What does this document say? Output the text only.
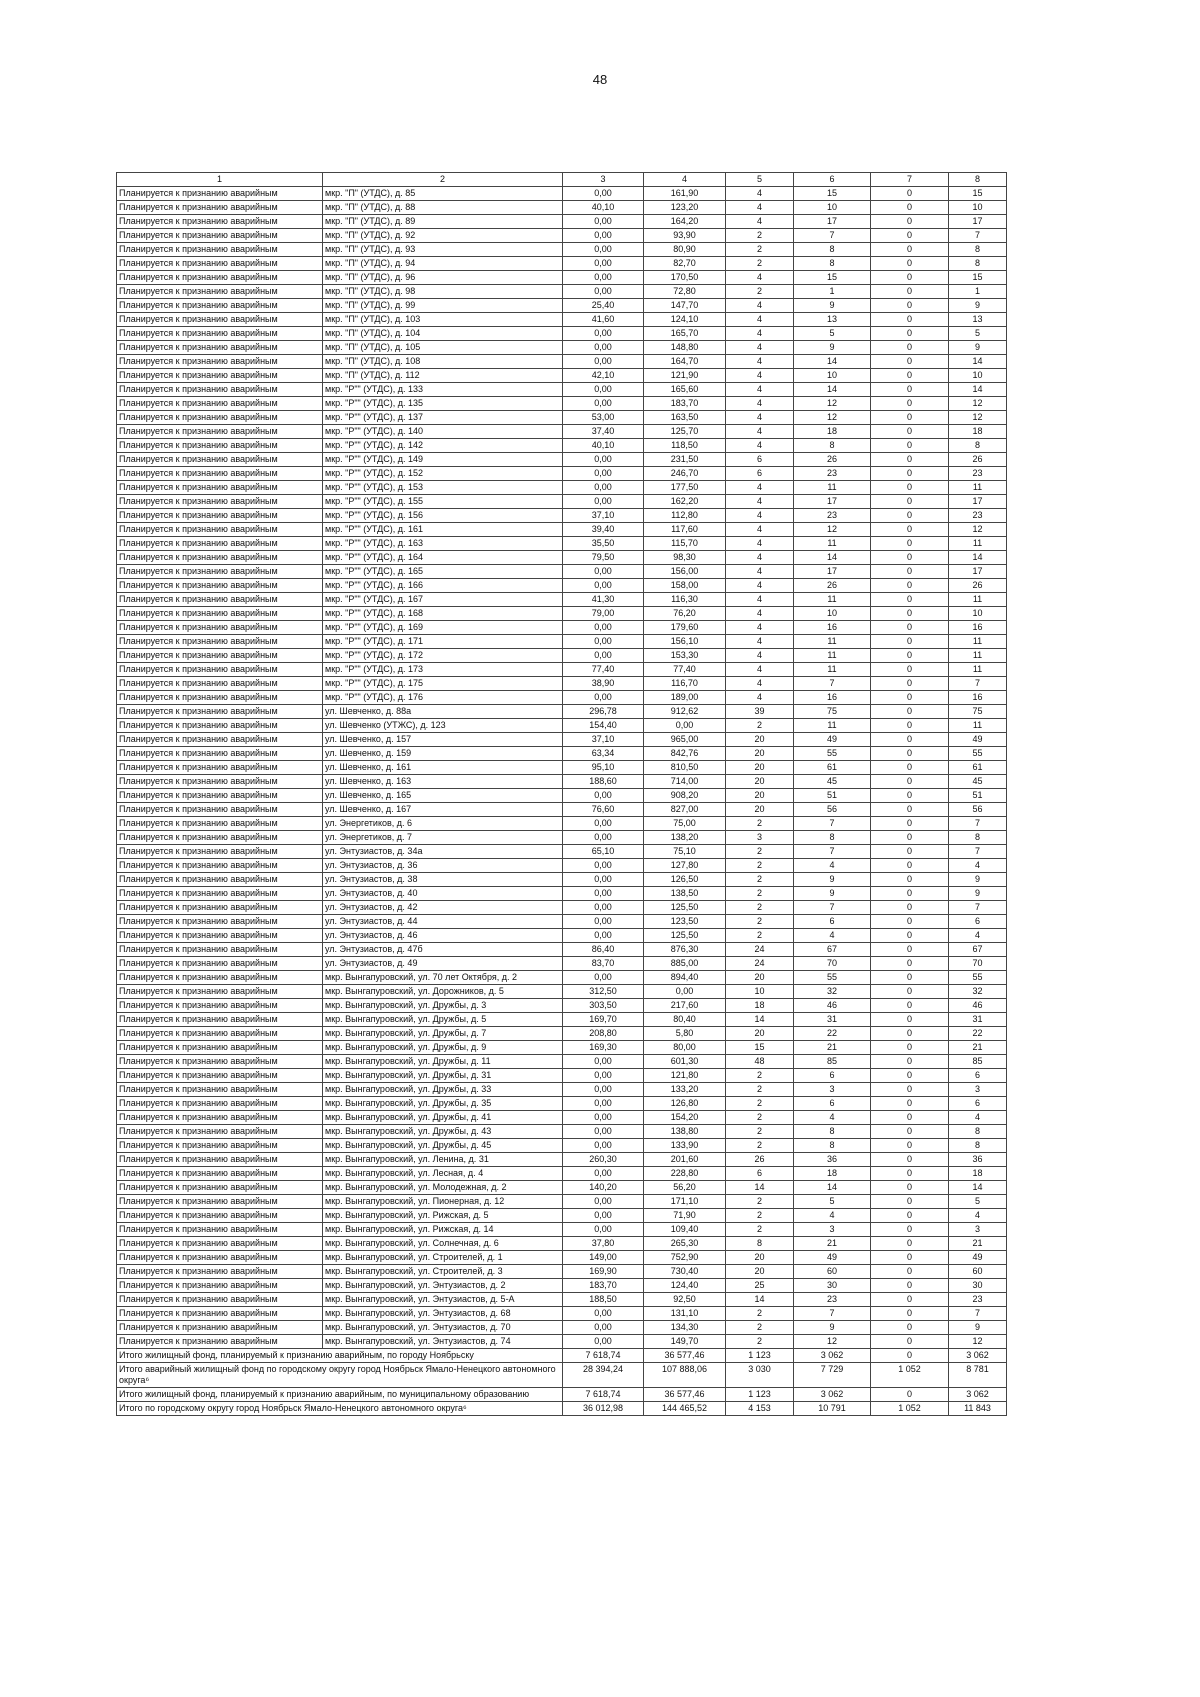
48
1	2	3	4	5	6	7	8
Планируется к признанию аварийным	мкр. "П" (УТДС), д. 85	0,00	161,90	4	15	0	15
Планируется к признанию аварийным	мкр. "П" (УТДС), д. 88	40,10	123,20	4	10	0	10
Планируется к признанию аварийным	мкр. "П" (УТДС), д. 89	0,00	164,20	4	17	0	17
Планируется к признанию аварийным	мкр. "П" (УТДС), д. 92	0,00	93,90	2	7	0	7
Планируется к признанию аварийным	мкр. "П" (УТДС), д. 93	0,00	80,90	2	8	0	8
Планируется к признанию аварийным	мкр. "П" (УТДС), д. 94	0,00	82,70	2	8	0	8
Планируется к признанию аварийным	мкр. "П" (УТДС), д. 96	0,00	170,50	4	15	0	15
Планируется к признанию аварийным	мкр. "П" (УТДС), д. 98	0,00	72,80	2	1	0	1
Планируется к признанию аварийным	мкр. "П" (УТДС), д. 99	25,40	147,70	4	9	0	9
Планируется к признанию аварийным	мкр. "П" (УТДС), д. 103	41,60	124,10	4	13	0	13
Планируется к признанию аварийным	мкр. "П" (УТДС), д. 104	0,00	165,70	4	5	0	5
Планируется к признанию аварийным	мкр. "П" (УТДС), д. 105	0,00	148,80	4	9	0	9
Планируется к признанию аварийным	мкр. "П" (УТДС), д. 108	0,00	164,70	4	14	0	14
Планируется к признанию аварийным	мкр. "П" (УТДС), д. 112	42,10	121,90	4	10	0	10
Планируется к признанию аварийным	мкр. "Р"" (УТДС), д. 133	0,00	165,60	4	14	0	14
Планируется к признанию аварийным	мкр. "Р"" (УТДС), д. 135	0,00	183,70	4	12	0	12
Планируется к признанию аварийным	мкр. "Р"" (УТДС), д. 137	53,00	163,50	4	12	0	12
Планируется к признанию аварийным	мкр. "Р"" (УТДС), д. 140	37,40	125,70	4	18	0	18
Планируется к признанию аварийным	мкр. "Р"" (УТДС), д. 142	40,10	118,50	4	8	0	8
Планируется к признанию аварийным	мкр. "Р"" (УТДС), д. 149	0,00	231,50	6	26	0	26
Планируется к признанию аварийным	мкр. "Р"" (УТДС), д. 152	0,00	246,70	6	23	0	23
Планируется к признанию аварийным	мкр. "Р"" (УТДС), д. 153	0,00	177,50	4	11	0	11
Планируется к признанию аварийным	мкр. "Р"" (УТДС), д. 155	0,00	162,20	4	17	0	17
Планируется к признанию аварийным	мкр. "Р"" (УТДС), д. 156	37,10	112,80	4	23	0	23
Планируется к признанию аварийным	мкр. "Р"" (УТДС), д. 161	39,40	117,60	4	12	0	12
Планируется к признанию аварийным	мкр. "Р"" (УТДС), д. 163	35,50	115,70	4	11	0	11
Планируется к признанию аварийным	мкр. "Р"" (УТДС), д. 164	79,50	98,30	4	14	0	14
Планируется к признанию аварийным	мкр. "Р"" (УТДС), д. 165	0,00	156,00	4	17	0	17
Планируется к признанию аварийным	мкр. "Р"" (УТДС), д. 166	0,00	158,00	4	26	0	26
Планируется к признанию аварийным	мкр. "Р"" (УТДС), д. 167	41,30	116,30	4	11	0	11
Планируется к признанию аварийным	мкр. "Р"" (УТДС), д. 168	79,00	76,20	4	10	0	10
Планируется к признанию аварийным	мкр. "Р"" (УТДС), д. 169	0,00	179,60	4	16	0	16
Планируется к признанию аварийным	мкр. "Р"" (УТДС), д. 171	0,00	156,10	4	11	0	11
Планируется к признанию аварийным	мкр. "Р"" (УТДС), д. 172	0,00	153,30	4	11	0	11
Планируется к признанию аварийным	мкр. "Р"" (УТДС), д. 173	77,40	77,40	4	11	0	11
Планируется к признанию аварийным	мкр. "Р"" (УТДС), д. 175	38,90	116,70	4	7	0	7
Планируется к признанию аварийным	мкр. "Р"" (УТДС), д. 176	0,00	189,00	4	16	0	16
Планируется к признанию аварийным	ул. Шевченко, д. 88а	296,78	912,62	39	75	0	75
Планируется к признанию аварийным	ул. Шевченко (УТЖС), д. 123	154,40	0,00	2	11	0	11
Планируется к признанию аварийным	ул. Шевченко, д. 157	37,10	965,00	20	49	0	49
Планируется к признанию аварийным	ул. Шевченко, д. 159	63,34	842,76	20	55	0	55
Планируется к признанию аварийным	ул. Шевченко, д. 161	95,10	810,50	20	61	0	61
Планируется к признанию аварийным	ул. Шевченко, д. 163	188,60	714,00	20	45	0	45
Планируется к признанию аварийным	ул. Шевченко, д. 165	0,00	908,20	20	51	0	51
Планируется к признанию аварийным	ул. Шевченко, д. 167	76,60	827,00	20	56	0	56
Планируется к признанию аварийным	ул. Энергетиков, д. 6	0,00	75,00	2	7	0	7
Планируется к признанию аварийным	ул. Энергетиков, д. 7	0,00	138,20	3	8	0	8
Планируется к признанию аварийным	ул. Энтузиастов, д. 34а	65,10	75,10	2	7	0	7
Планируется к признанию аварийным	ул. Энтузиастов, д. 36	0,00	127,80	2	4	0	4
Планируется к признанию аварийным	ул. Энтузиастов, д. 38	0,00	126,50	2	9	0	9
Планируется к признанию аварийным	ул. Энтузиастов, д. 40	0,00	138,50	2	9	0	9
Планируется к признанию аварийным	ул. Энтузиастов, д. 42	0,00	125,50	2	7	0	7
Планируется к признанию аварийным	ул. Энтузиастов, д. 44	0,00	123,50	2	6	0	6
Планируется к признанию аварийным	ул. Энтузиастов, д. 46	0,00	125,50	2	4	0	4
Планируется к признанию аварийным	ул. Энтузиастов, д. 47б	86,40	876,30	24	67	0	67
Планируется к признанию аварийным	ул. Энтузиастов, д. 49	83,70	885,00	24	70	0	70
Планируется к признанию аварийным	мкр. Вынгапуровский, ул. 70 лет Октября, д. 2	0,00	894,40	20	55	0	55
Планируется к признанию аварийным	мкр. Вынгапуровский, ул. Дорожников, д. 5	312,50	0,00	10	32	0	32
Планируется к признанию аварийным	мкр. Вынгапуровский, ул. Дружбы, д. 3	303,50	217,60	18	46	0	46
Планируется к признанию аварийным	мкр. Вынгапуровский, ул. Дружбы, д. 5	169,70	80,40	14	31	0	31
Планируется к признанию аварийным	мкр. Вынгапуровский, ул. Дружбы, д. 7	208,80	5,80	20	22	0	22
Планируется к признанию аварийным	мкр. Вынгапуровский, ул. Дружбы, д. 9	169,30	80,00	15	21	0	21
Планируется к признанию аварийным	мкр. Вынгапуровский, ул. Дружбы, д. 11	0,00	601,30	48	85	0	85
Планируется к признанию аварийным	мкр. Вынгапуровский, ул. Дружбы, д. 31	0,00	121,80	2	6	0	6
Планируется к признанию аварийным	мкр. Вынгапуровский, ул. Дружбы, д. 33	0,00	133,20	2	3	0	3
Планируется к признанию аварийным	мкр. Вынгапуровский, ул. Дружбы, д. 35	0,00	126,80	2	6	0	6
Планируется к признанию аварийным	мкр. Вынгапуровский, ул. Дружбы, д. 41	0,00	154,20	2	4	0	4
Планируется к признанию аварийным	мкр. Вынгапуровский, ул. Дружбы, д. 43	0,00	138,80	2	8	0	8
Планируется к признанию аварийным	мкр. Вынгапуровский, ул. Дружбы, д. 45	0,00	133,90	2	8	0	8
Планируется к признанию аварийным	мкр. Вынгапуровский, ул. Ленина, д. 31	260,30	201,60	26	36	0	36
Планируется к признанию аварийным	мкр. Вынгапуровский, ул. Лесная, д. 4	0,00	228,80	6	18	0	18
Планируется к признанию аварийным	мкр. Вынгапуровский, ул. Молодежная, д. 2	140,20	56,20	14	14	0	14
Планируется к признанию аварийным	мкр. Вынгапуровский, ул. Пионерная, д. 12	0,00	171,10	2	5	0	5
Планируется к признанию аварийным	мкр. Вынгапуровский, ул. Рижская, д. 5	0,00	71,90	2	4	0	4
Планируется к признанию аварийным	мкр. Вынгапуровский, ул. Рижская, д. 14	0,00	109,40	2	3	0	3
Планируется к признанию аварийным	мкр. Вынгапуровский, ул. Солнечная, д. 6	37,80	265,30	8	21	0	21
Планируется к признанию аварийным	мкр. Вынгапуровский, ул. Строителей, д. 1	149,00	752,90	20	49	0	49
Планируется к признанию аварийным	мкр. Вынгапуровский, ул. Строителей, д. 3	169,90	730,40	20	60	0	60
Планируется к признанию аварийным	мкр. Вынгапуровский, ул. Энтузиастов, д. 2	183,70	124,40	25	30	0	30
Планируется к признанию аварийным	мкр. Вынгапуровский, ул. Энтузиастов, д. 5-А	188,50	92,50	14	23	0	23
Планируется к признанию аварийным	мкр. Вынгапуровский, ул. Энтузиастов, д. 68	0,00	131,10	2	7	0	7
Планируется к признанию аварийным	мкр. Вынгапуровский, ул. Энтузиастов, д. 70	0,00	134,30	2	9	0	9
Планируется к признанию аварийным	мкр. Вынгапуровский, ул. Энтузиастов, д. 74	0,00	149,70	2	12	0	12
Итого жилищный фонд, планируемый к признанию аварийным, по городу Ноябрьску		7 618,74	36 577,46	1 123	3 062	0	3 062
Итого аварийный жилищный фонд по городскому округу город Ноябрьск Ямало-Ненецкого автономного округа⁶		28 394,24	107 888,06	3 030	7 729	1 052	8 781
Итого жилищный фонд, планируемый к признанию аварийным, по муниципальному образованию		7 618,74	36 577,46	1 123	3 062	0	3 062
Итого по городскому округу город Ноябрьск Ямало-Ненецкого автономного округа⁶		36 012,98	144 465,52	4 153	10 791	1 052	11 843
